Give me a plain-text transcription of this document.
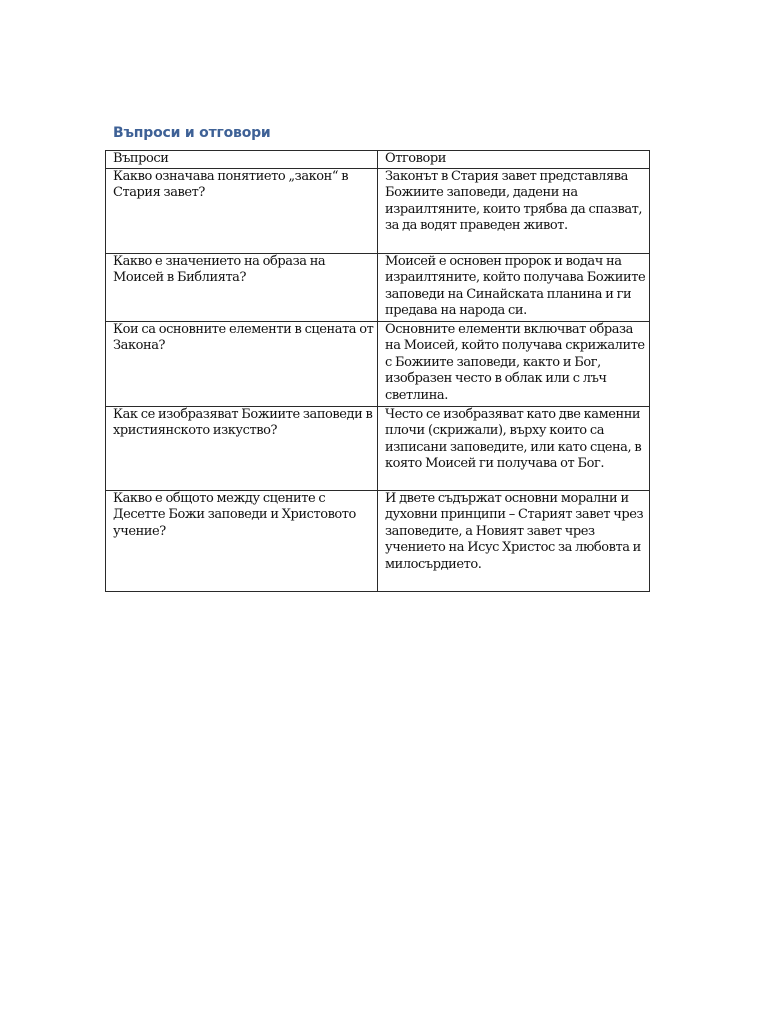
Въпроси и отговори
Въпроси	Отговори

Какво означава понятието „закон“ в Стария завет?	Законът в Стария завет представлява Божиите заповеди, дадени на израилтяните, които трябва да спазват, за да водят праведен живот.

Какво е значението на образа на Моисей в Библията?	Моисей е основен пророк и водач на израилтяните, който получава Божиите заповеди на Синайската планина и ги предава на народа си.

Кои са основните елементи в сцената от Закона?	Основните елементи включват образа на Моисей, който получава скрижалите с Божиите заповеди, както и Бог, изобразен често в облак или с лъч светлина.

Как се изобразяват Божиите заповеди в християнското изкуство?	Често се изобразяват като две каменни плочи (скрижали), върху които са изписани заповедите, или като сцена, в която Моисей ги получава от Бог.

Какво е общото между сцените с Десетте Божи заповеди и Христовото учение?	И двете съдържат основни морални и духовни принципи – Старият завет чрез заповедите, а Новият завет чрез учението на Исус Христос за любовта и милосърдието.
